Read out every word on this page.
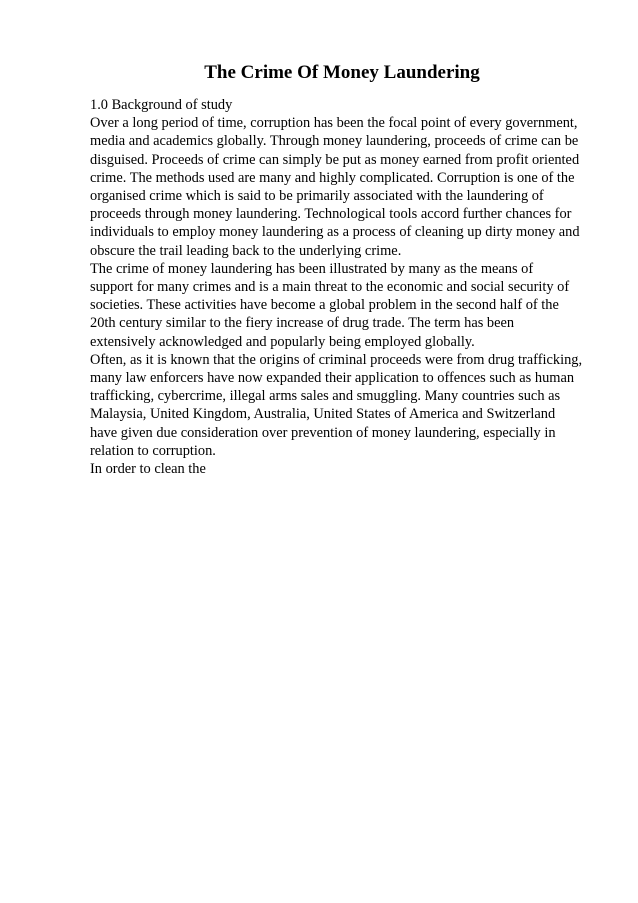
The Crime Of Money Laundering
1.0 Background of study
Over a long period of time, corruption has been the focal point of every government,
media and academics globally. Through money laundering, proceeds of crime can be
disguised. Proceeds of crime can simply be put as money earned from profit oriented
crime. The methods used are many and highly complicated. Corruption is one of the
organised crime which is said to be primarily associated with the laundering of
proceeds through money laundering. Technological tools accord further chances for
individuals to employ money laundering as a process of cleaning up dirty money and
obscure the trail leading back to the underlying crime.
The crime of money laundering has been illustrated by many as the means of
support for many crimes and is a main threat to the economic and social security of
societies. These activities have become a global problem in the second half of the
20th century similar to the fiery increase of drug trade. The term has been
extensively acknowledged and popularly being employed globally.
Often, as it is known that the origins of criminal proceeds were from drug trafficking,
many law enforcers have now expanded their application to offences such as human
trafficking, cybercrime, illegal arms sales and smuggling. Many countries such as
Malaysia, United Kingdom, Australia, United States of America and Switzerland
have given due consideration over prevention of money laundering, especially in
relation to corruption.
In order to clean the
